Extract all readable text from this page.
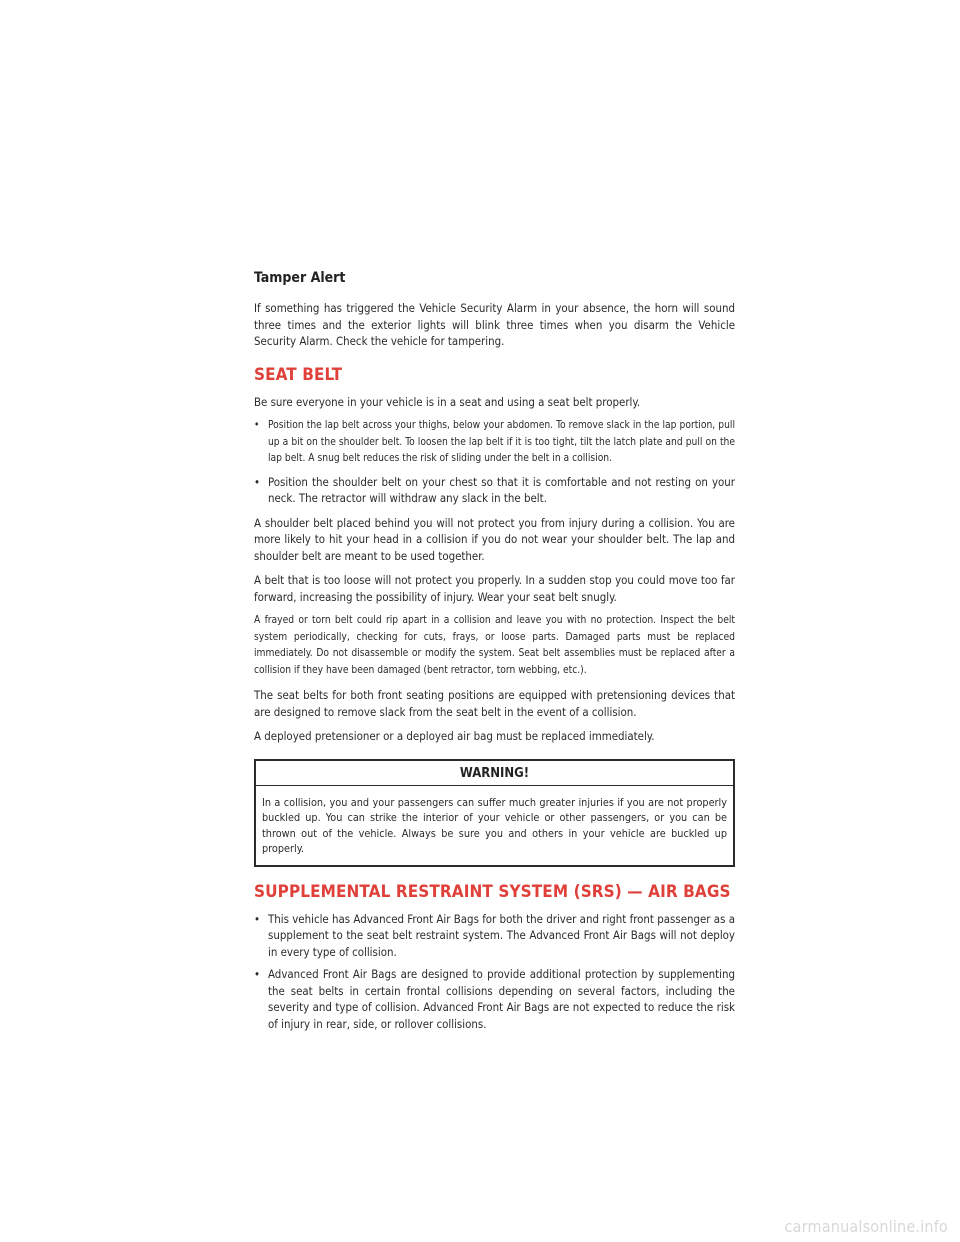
Tamper Alert

If something has triggered the Vehicle Security Alarm in your absence, the horn will sound three times and the exterior lights will blink three times when you disarm the Vehicle Security Alarm. Check the vehicle for tampering.

SEAT BELT

Be sure everyone in your vehicle is in a seat and using a seat belt properly.

• Position the lap belt across your thighs, below your abdomen. To remove slack in the lap portion, pull up a bit on the shoulder belt. To loosen the lap belt if it is too tight, tilt the latch plate and pull on the lap belt. A snug belt reduces the risk of sliding under the belt in a collision.
• Position the shoulder belt on your chest so that it is comfortable and not resting on your neck. The retractor will withdraw any slack in the belt.

A shoulder belt placed behind you will not protect you from injury during a collision. You are more likely to hit your head in a collision if you do not wear your shoulder belt. The lap and shoulder belt are meant to be used together.

A belt that is too loose will not protect you properly. In a sudden stop you could move too far forward, increasing the possibility of injury. Wear your seat belt snugly.

A frayed or torn belt could rip apart in a collision and leave you with no protection. Inspect the belt system periodically, checking for cuts, frays, or loose parts. Damaged parts must be replaced immediately. Do not disassemble or modify the system. Seat belt assemblies must be replaced after a collision if they have been damaged (bent retractor, torn webbing, etc.).

The seat belts for both front seating positions are equipped with pretensioning devices that are designed to remove slack from the seat belt in the event of a collision.

A deployed pretensioner or a deployed air bag must be replaced immediately.

WARNING!
In a collision, you and your passengers can suffer much greater injuries if you are not properly buckled up. You can strike the interior of your vehicle or other passengers, or you can be thrown out of the vehicle. Always be sure you and others in your vehicle are buckled up properly.
SUPPLEMENTAL RESTRAINT SYSTEM (SRS) — AIR BAGS
• This vehicle has Advanced Front Air Bags for both the driver and right front passenger as a supplement to the seat belt restraint system. The Advanced Front Air Bags will not deploy in every type of collision.
• Advanced Front Air Bags are designed to provide additional protection by supplementing the seat belts in certain frontal collisions depending on several factors, including the severity and type of collision. Advanced Front Air Bags are not expected to reduce the risk of injury in rear, side, or rollover collisions.
carmanualsonline.info
